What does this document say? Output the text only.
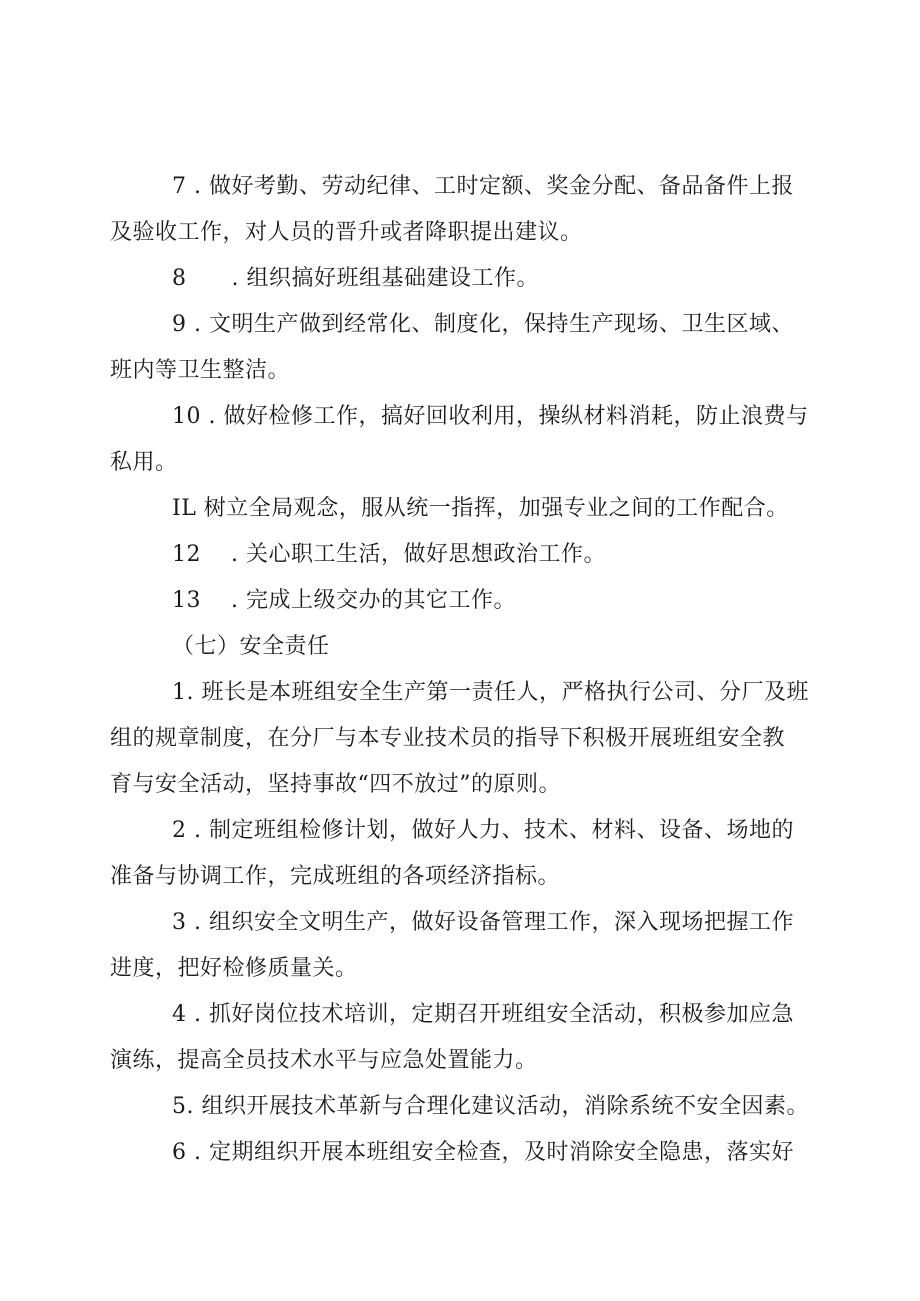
7 . 做好考勤、劳动纪律、工时定额、奖金分配、备品备件上报
及验收工作，对人员的晋升或者降职提出建议。
8　　. 组织搞好班组基础建设工作。
9 . 文明生产做到经常化、制度化，保持生产现场、卫生区域、
班内等卫生整洁。
10 . 做好检修工作，搞好回收利用，操纵材料消耗，防止浪费与
私用。
IL 树立全局观念，服从统一指挥，加强专业之间的工作配合。
12　 . 关心职工生活，做好思想政治工作。
13　 . 完成上级交办的其它工作。
（七）安全责任
1. 班长是本班组安全生产第一责任人，严格执行公司、分厂及班
组的规章制度，在分厂与本专业技术员的指导下积极开展班组安全教
育与安全活动，坚持事故“四不放过”的原则。
2 . 制定班组检修计划，做好人力、技术、材料、设备、场地的
准备与协调工作，完成班组的各项经济指标。
3 . 组织安全文明生产，做好设备管理工作，深入现场把握工作
进度，把好检修质量关。
4 . 抓好岗位技术培训，定期召开班组安全活动，积极参加应急
演练，提高全员技术水平与应急处置能力。
5. 组织开展技术革新与合理化建议活动，消除系统不安全因素。
6 . 定期组织开展本班组安全检查，及时消除安全隐患，落实好
